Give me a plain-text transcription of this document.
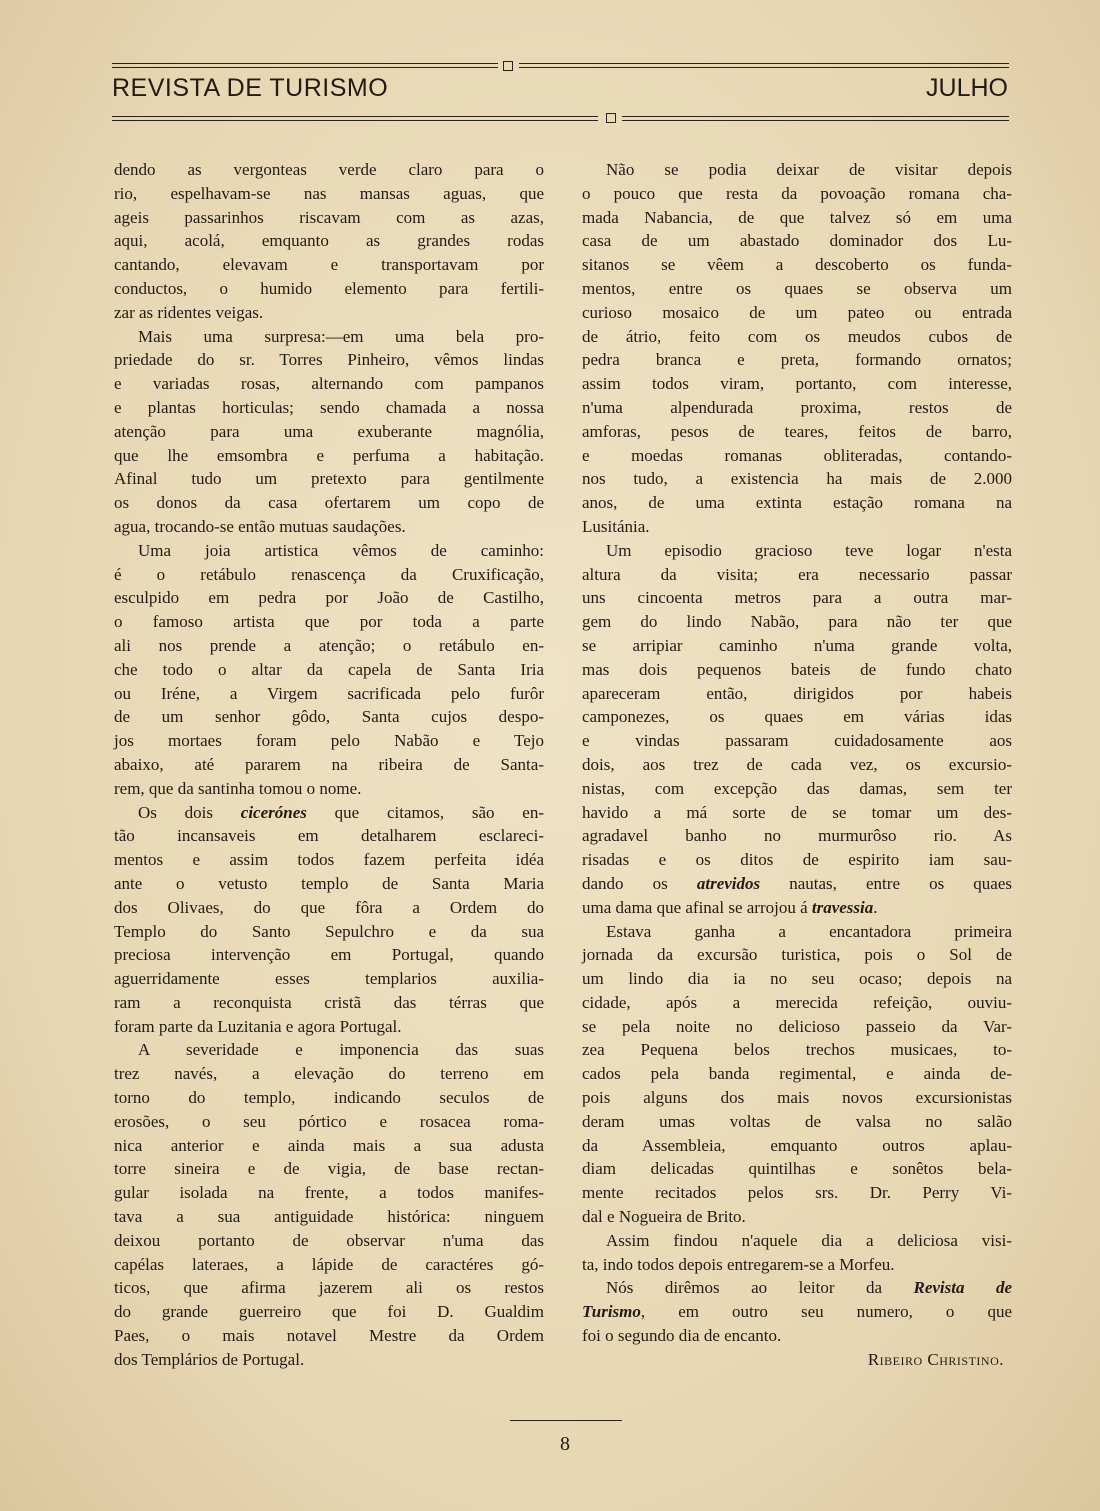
REVISTA DE TURISMO	JULHO

dendo as vergonteas verde claro para o

rio, espelhavam-se nas mansas aguas, que

ageis passarinhos riscavam com as azas,

aqui, acolá, emquanto as grandes rodas

cantando, elevavam e transportavam por

conductos, o humido elemento para fertili-

zar as ridentes veigas.

Mais uma surpresa:—em uma bela pro-

priedade do sr. Torres Pinheiro, vêmos lindas

e variadas rosas, alternando com pampanos

e plantas horticulas; sendo chamada a nossa

atenção para uma exuberante magnólia,

que lhe emsombra e perfuma a habitação.

Afinal tudo um pretexto para gentilmente

os donos da casa ofertarem um copo de

agua, trocando-se então mutuas saudações.

Uma joia artistica vêmos de caminho:

é o retábulo renascença da Cruxificação,

esculpido em pedra por João de Castilho,

o famoso artista que por toda a parte

ali nos prende a atenção; o retábulo en-

che todo o altar da capela de Santa Iria

ou Iréne, a Virgem sacrificada pelo furôr

de um senhor gôdo, Santa cujos despo-

jos mortaes foram pelo Nabão e Tejo

abaixo, até pararem na ribeira de Santa-

rem, que da santinha tomou o nome.

Os dois cicerónes que citamos, são en-

tão incansaveis em detalharem esclareci-

mentos e assim todos fazem perfeita idéa

ante o vetusto templo de Santa Maria

dos Olivaes, do que fôra a Ordem do

Templo do Santo Sepulchro e da sua

preciosa intervenção em Portugal, quando

aguerridamente esses templarios auxilia-

ram a reconquista cristã das térras que

foram parte da Luzitania e agora Portugal.

A severidade e imponencia das suas

trez navés, a elevação do terreno em

torno do templo, indicando seculos de

erosões, o seu pórtico e rosacea roma-

nica anterior e ainda mais a sua adusta

torre sineira e de vigia, de base rectan-

gular isolada na frente, a todos manifes-

tava a sua antiguidade histórica: ninguem

deixou portanto de observar n'uma das

capélas lateraes, a lápide de caractéres gó-

ticos, que afirma jazerem ali os restos

do grande guerreiro que foi D. Gualdim

Paes, o mais notavel Mestre da Ordem

dos Templários de Portugal.

Não se podia deixar de visitar depois

o pouco que resta da povoação romana cha-

mada Nabancia, de que talvez só em uma

casa de um abastado dominador dos Lu-

sitanos se vêem a descoberto os funda-

mentos, entre os quaes se observa um

curioso mosaico de um pateo ou entrada

de átrio, feito com os meudos cubos de

pedra branca e preta, formando ornatos;

assim todos viram, portanto, com interesse,

n'uma alpendurada proxima, restos de

amforas, pesos de teares, feitos de barro,

e moedas romanas obliteradas, contando-

nos tudo, a existencia ha mais de 2.000

anos, de uma extinta estação romana na

Lusitánia.

Um episodio gracioso teve logar n'esta

altura da visita; era necessario passar

uns cincoenta metros para a outra mar-

gem do lindo Nabão, para não ter que

se arripiar caminho n'uma grande volta,

mas dois pequenos bateis de fundo chato

apareceram então, dirigidos por habeis

camponezes, os quaes em várias idas

e vindas passaram cuidadosamente aos

dois, aos trez de cada vez, os excursio-

nistas, com excepção das damas, sem ter

havido a má sorte de se tomar um des-

agradavel banho no murmurôso rio. As

risadas e os ditos de espirito iam sau-

dando os atrevidos nautas, entre os quaes

uma dama que afinal se arrojou á travessia.

Estava ganha a encantadora primeira

jornada da excursão turistica, pois o Sol de

um lindo dia ia no seu ocaso; depois na

cidade, após a merecida refeição, ouviu-

se pela noite no delicioso passeio da Var-

zea Pequena belos trechos musicaes, to-

cados pela banda regimental, e ainda de-

pois alguns dos mais novos excursionistas

deram umas voltas de valsa no salão

da Assembleia, emquanto outros aplau-

diam delicadas quintilhas e sonêtos bela-

mente recitados pelos srs. Dr. Perry Vi-

dal e Nogueira de Brito.

Assim findou n'aquele dia a deliciosa visi-

ta, indo todos depois entregarem-se a Morfeu.

Nós dirêmos ao leitor da Revista de

Turismo, em outro seu numero, o que

foi o segundo dia de encanto.

Ribeiro Christino.

8
